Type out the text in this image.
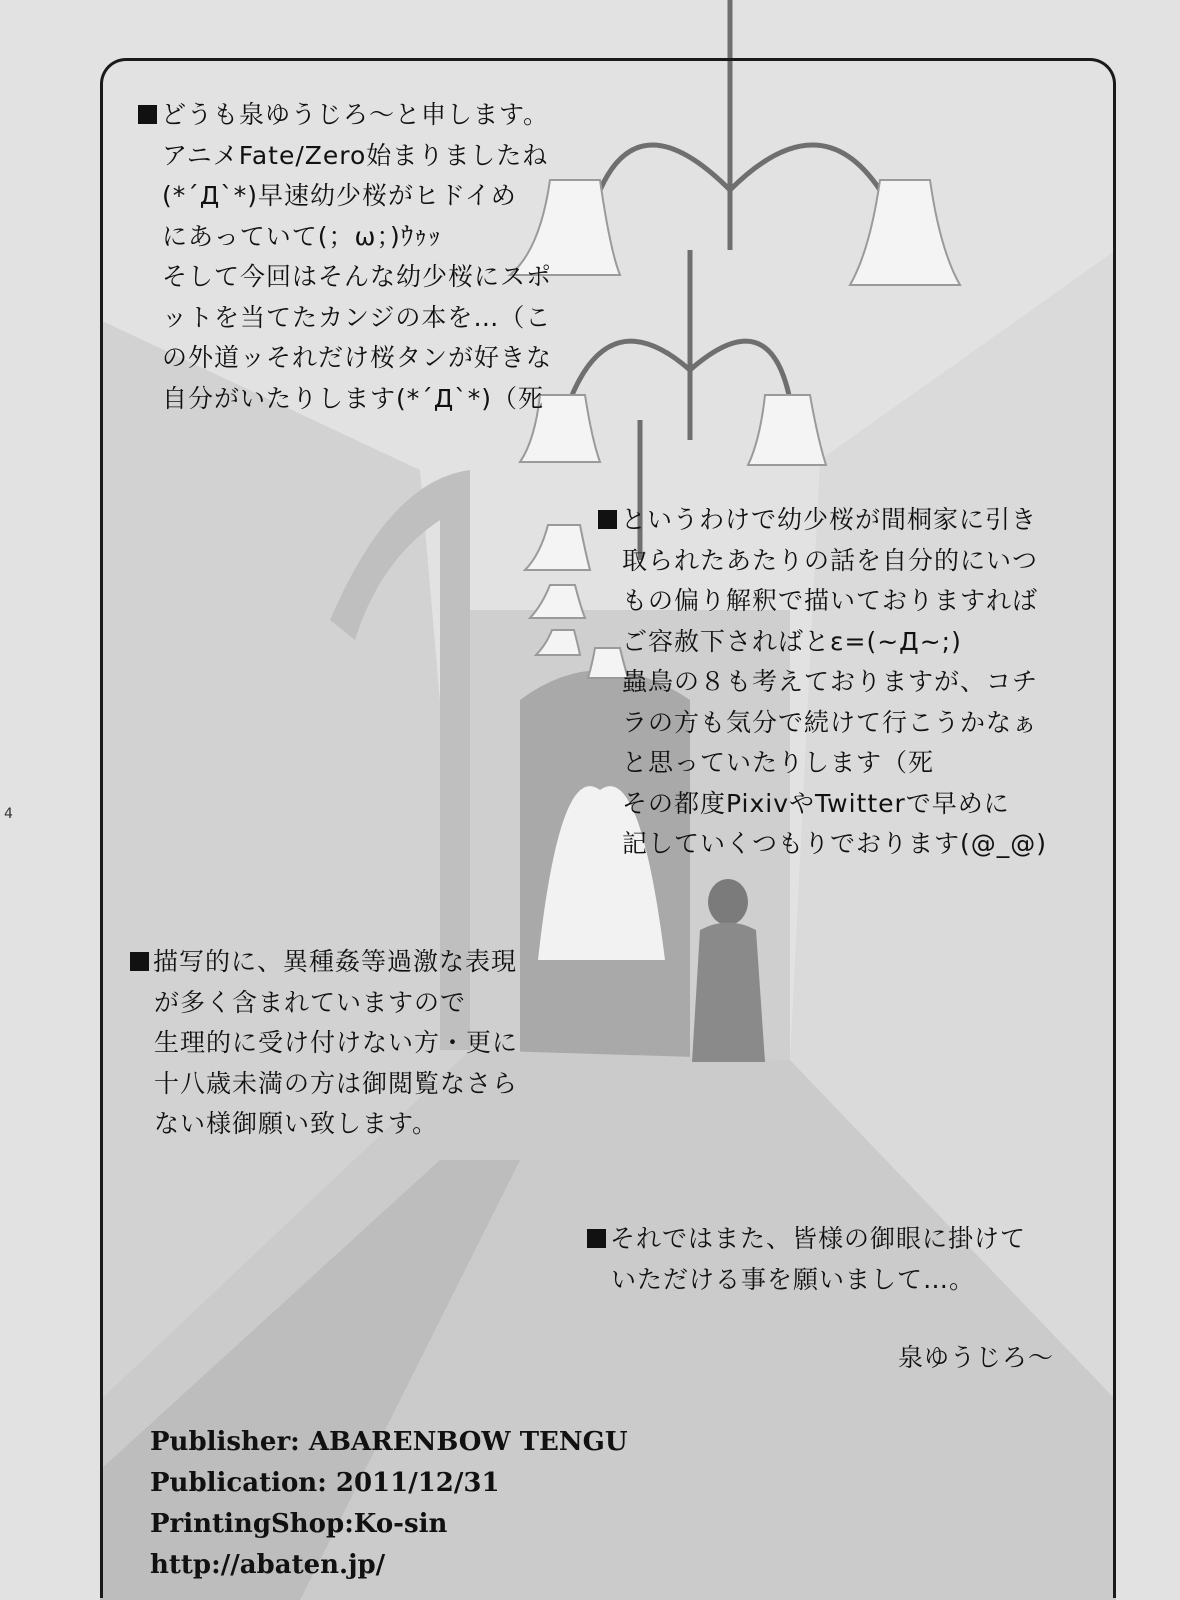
4
どうも泉ゆうじろ～と申します。
アニメFate/Zero始まりましたね
(*´Д`*)早速幼少桜がヒドイめ
にあっていて(；ω；)ｳｩｯ
そして今回はそんな幼少桜にスポ
ットを当てたカンジの本を…（こ
の外道ッそれだけ桜タンが好きな
自分がいたりします(*´Д`*)（死
というわけで幼少桜が間桐家に引き
取られたあたりの話を自分的にいつ
もの偏り解釈で描いておりますれば
ご容赦下さればとε=(~Д~;)
蟲鳥の８も考えておりますが、コチ
ラの方も気分で続けて行こうかなぁ
と思っていたりします（死
その都度PixivやTwitterで早めに
記していくつもりでおります(@_@)
描写的に、異種姦等過激な表現
が多く含まれていますので
生理的に受け付けない方・更に
十八歳未満の方は御閲覧なさら
ない様御願い致します。
それではまた、皆様の御眼に掛けて
いただける事を願いまして…。
泉ゆうじろ～
Publisher: ABARENBOW TENGU
Publication: 2011/12/31
PrintingShop:Ko-sin
http://abaten.jp/
